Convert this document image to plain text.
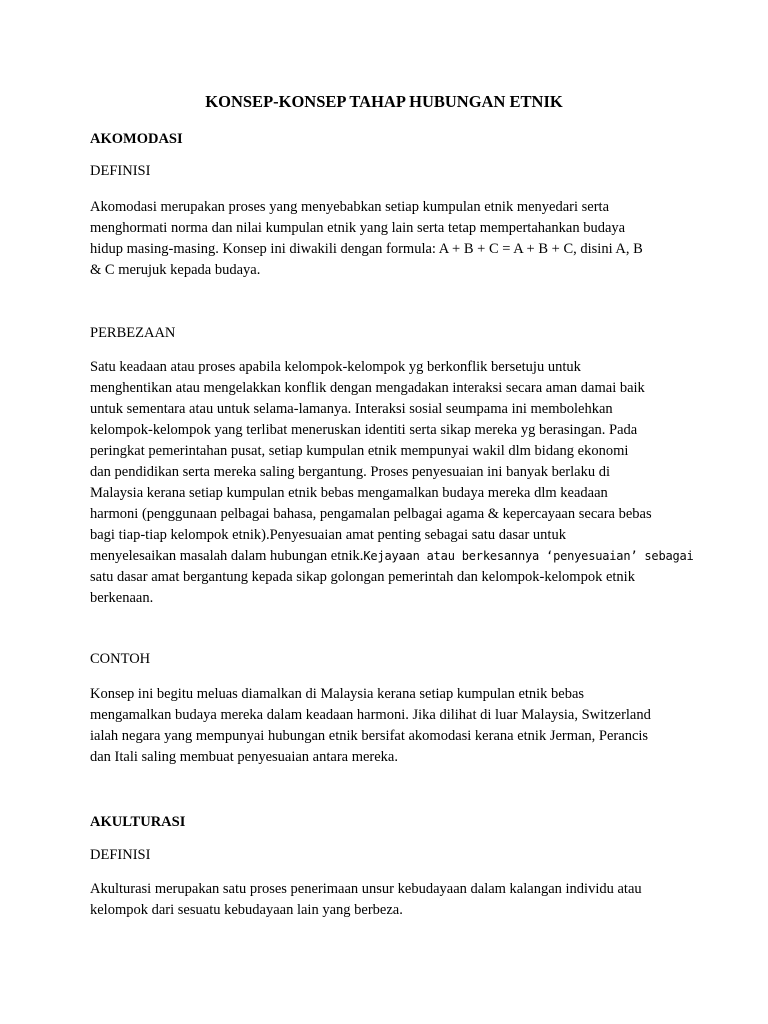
KONSEP-KONSEP TAHAP HUBUNGAN ETNIK

AKOMODASI

DEFINISI

Akomodasi merupakan proses yang menyebabkan setiap kumpulan etnik menyedari serta
menghormati norma dan nilai kumpulan etnik yang lain serta tetap mempertahankan budaya
hidup masing-masing. Konsep ini diwakili dengan formula: A + B + C = A + B + C, disini A, B
& C merujuk kepada budaya.

PERBEZAAN

Satu keadaan atau proses apabila kelompok-kelompok yg berkonflik bersetuju untuk
menghentikan atau mengelakkan konflik dengan mengadakan interaksi secara aman damai baik
untuk sementara atau untuk selama-lamanya. Interaksi sosial seumpama ini membolehkan
kelompok-kelompok yang terlibat meneruskan identiti serta sikap mereka yg berasingan. Pada
peringkat pemerintahan pusat, setiap kumpulan etnik mempunyai wakil dlm bidang ekonomi
dan pendidikan serta mereka saling bergantung. Proses penyesuaian ini banyak berlaku di
Malaysia kerana setiap kumpulan etnik bebas mengamalkan budaya mereka dlm keadaan
harmoni (penggunaan pelbagai bahasa, pengamalan pelbagai agama & kepercayaan secara bebas
bagi tiap-tiap kelompok etnik).Penyesuaian amat penting sebagai satu dasar untuk
menyelesaikan masalah dalam hubungan etnik.Kejayaan atau berkesannya ‘penyesuaian’ sebagai
satu dasar amat bergantung kepada sikap golongan pemerintah dan kelompok-kelompok etnik
berkenaan.

CONTOH

Konsep ini begitu meluas diamalkan di Malaysia kerana setiap kumpulan etnik bebas
mengamalkan budaya mereka dalam keadaan harmoni. Jika dilihat di luar Malaysia, Switzerland
ialah negara yang mempunyai hubungan etnik bersifat akomodasi kerana etnik Jerman, Perancis
dan Itali saling membuat penyesuaian antara mereka.

AKULTURASI

DEFINISI

Akulturasi merupakan satu proses penerimaan unsur kebudayaan dalam kalangan individu atau
kelompok dari sesuatu kebudayaan lain yang berbeza.
